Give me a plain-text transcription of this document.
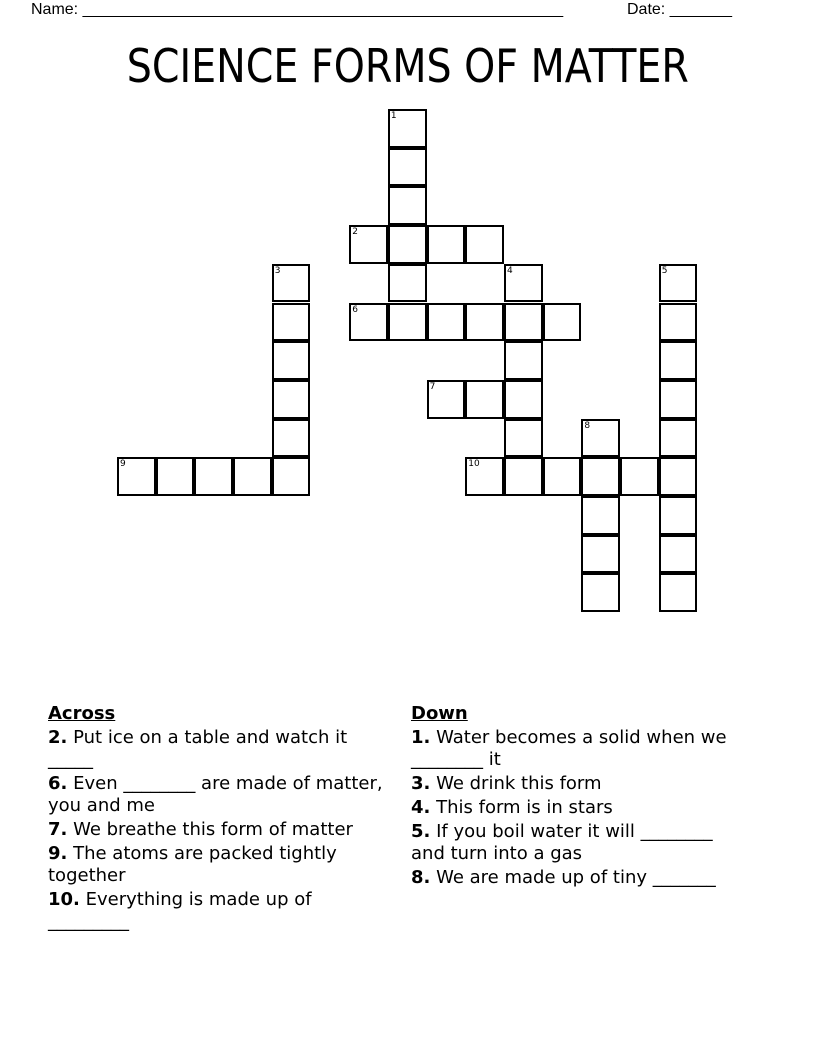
Name: ______________________________________________________	Date: _______
SCIENCE FORMS OF MATTER
1
2
3	4	5
6
7
8
9	10
Across
2. Put ice on a table and watch it _____
6. Even ________ are made of matter, you and me
7. We breathe this form of matter
9. The atoms are packed tightly together
10. Everything is made up of _________
Down
1. Water becomes a solid when we ________ it
3. We drink this form
4. This form is in stars
5. If you boil water it will ________ and turn into a gas
8. We are made up of tiny _______
